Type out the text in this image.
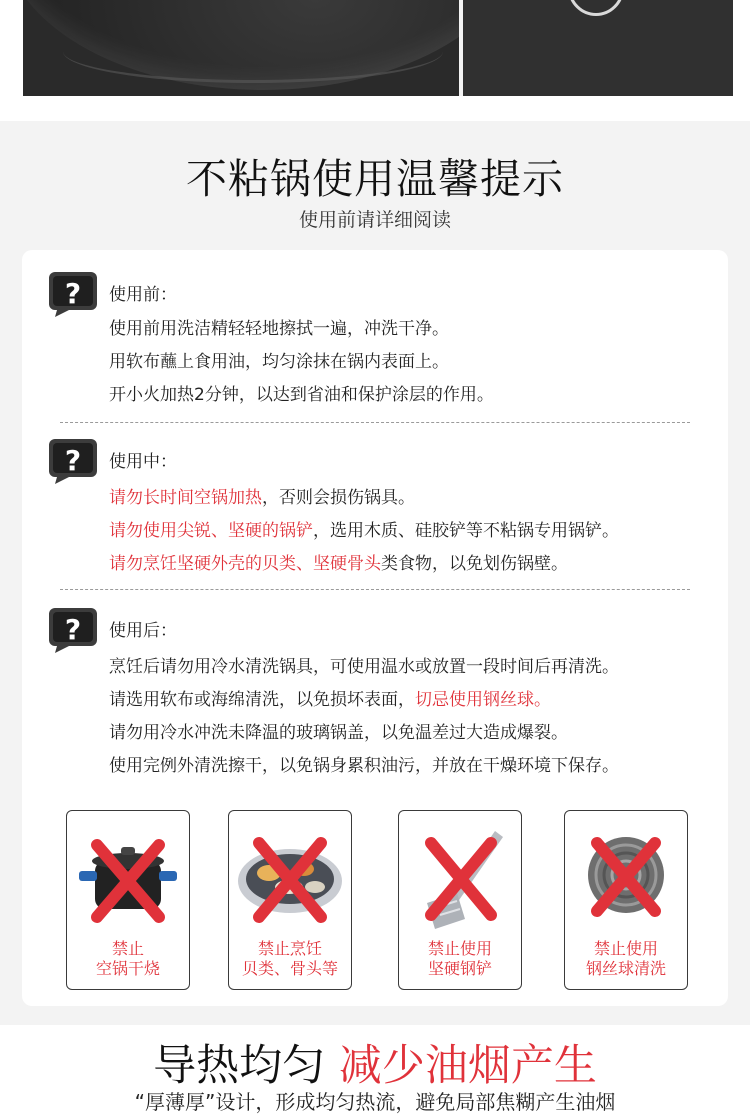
不粘锅使用温馨提示
使用前请详细阅读
? 使用前：
使用前用洗洁精轻轻地擦拭一遍，冲洗干净。
用软布蘸上食用油，均匀涂抹在锅内表面上。
开小火加热2分钟，以达到省油和保护涂层的作用。
? 使用中：
请勿长时间空锅加热，否则会损伤锅具。
请勿使用尖锐、坚硬的锅铲，选用木质、硅胶铲等不粘锅专用锅铲。
请勿烹饪坚硬外壳的贝类、坚硬骨头类食物，以免划伤锅壁。
? 使用后：
烹饪后请勿用冷水清洗锅具，可使用温水或放置一段时间后再清洗。
请选用软布或海绵清洗，以免损坏表面，切忌使用钢丝球。
请勿用冷水冲洗未降温的玻璃锅盖，以免温差过大造成爆裂。
使用完例外清洗擦干，以免锅身累积油污，并放在干燥环境下保存。
禁止
空锅干烧
禁止烹饪
贝类、骨头等
禁止使用
坚硬钢铲
禁止使用
钢丝球清洗
导热均匀 减少油烟产生
“厚薄厚”设计，形成均匀热流，避免局部焦糊产生油烟
